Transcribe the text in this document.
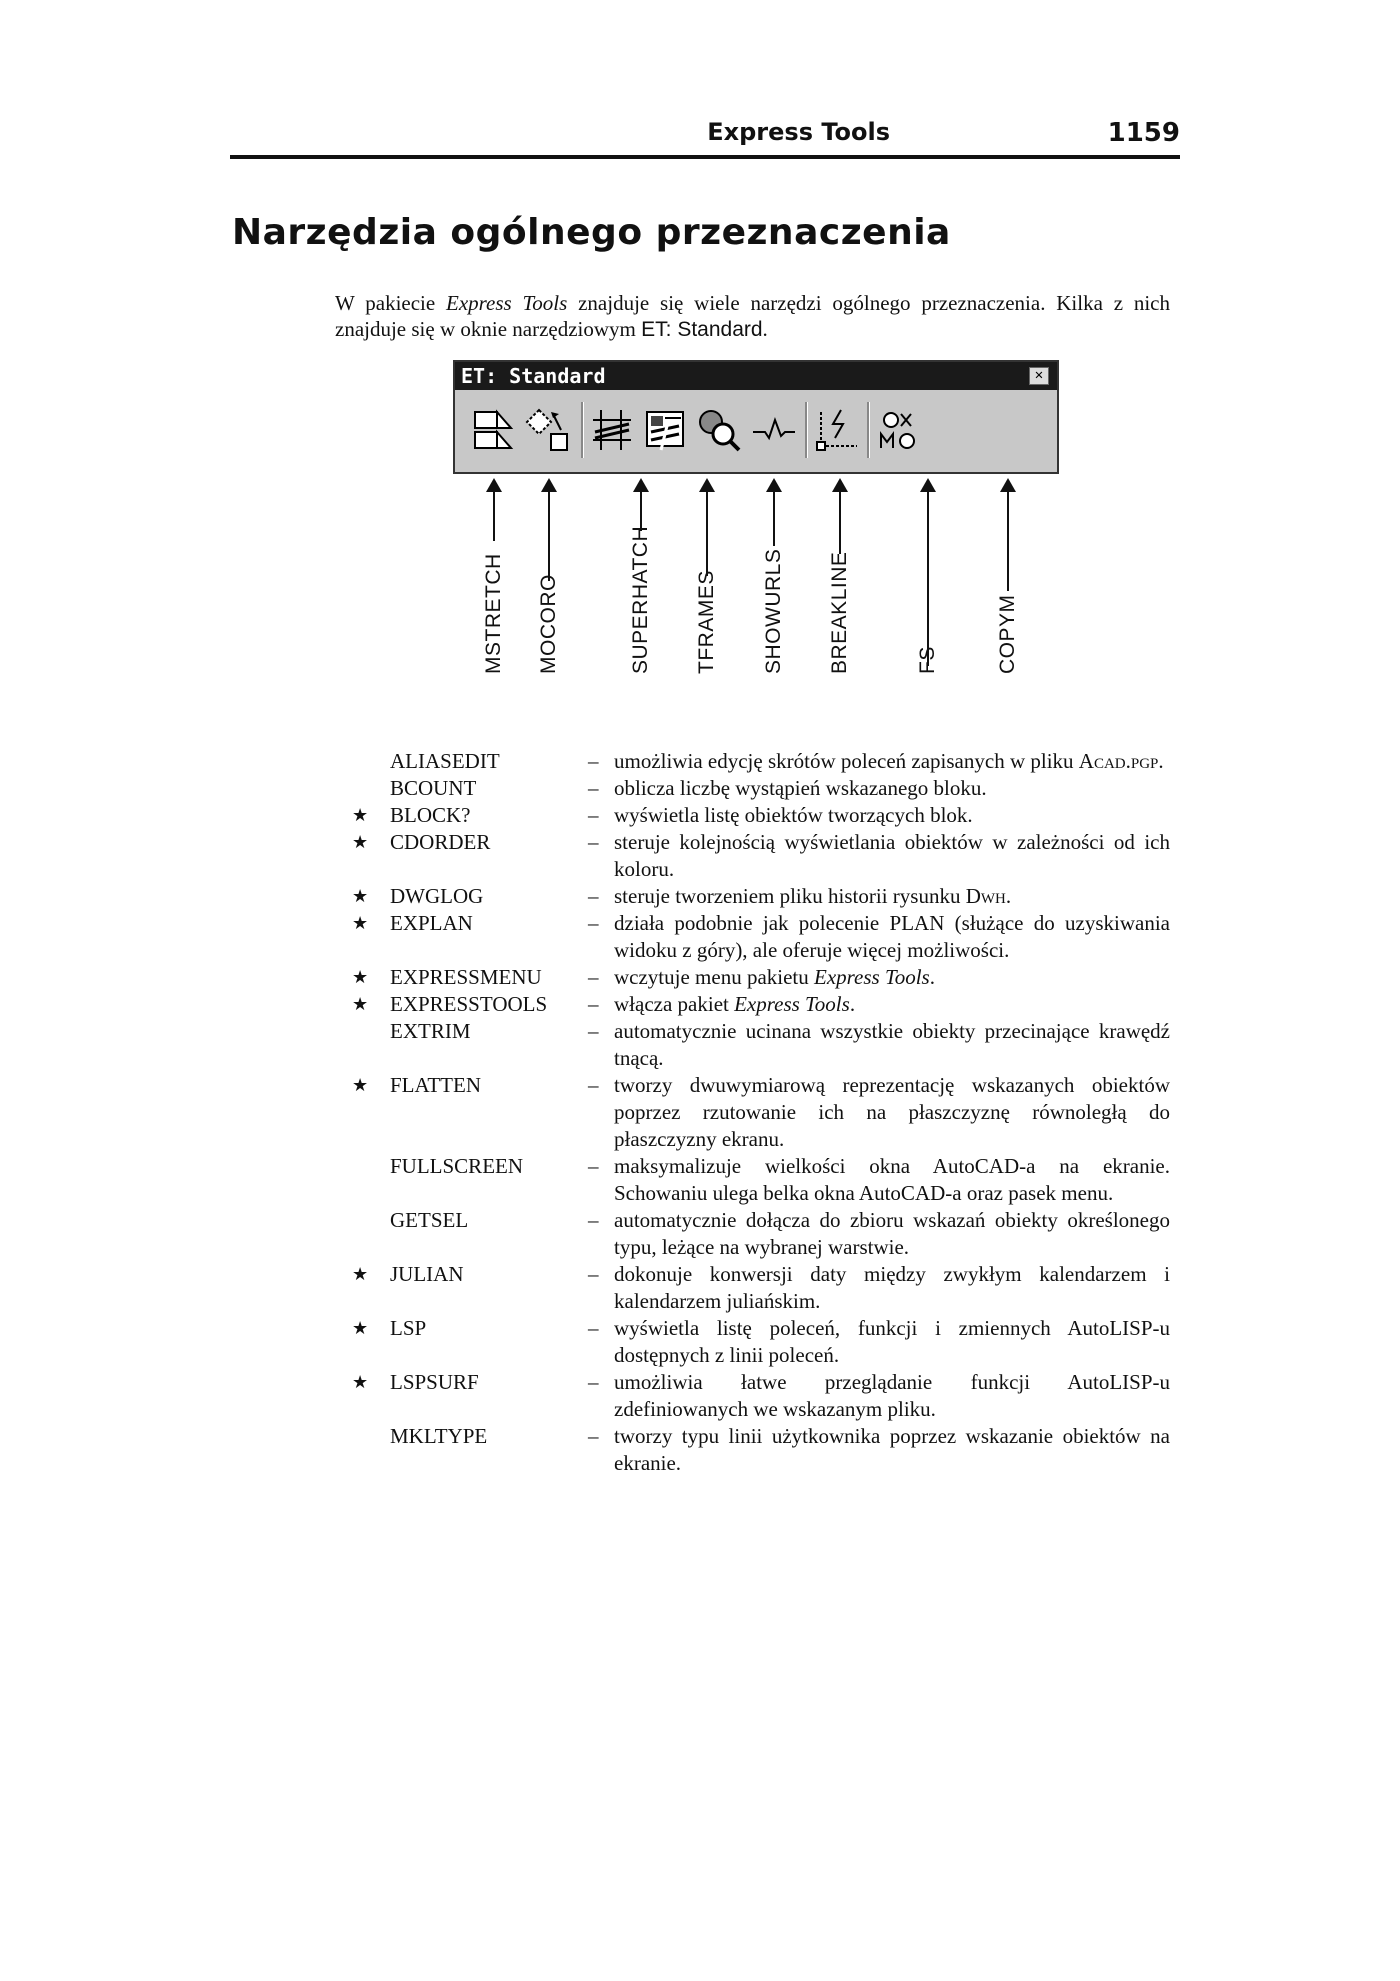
Express Tools	1159
Narzędzia ogólnego przeznaczenia
W pakiecie Express Tools znajduje się wiele narzędzi ogólnego przeznaczenia. Kilka z nich znajduje się w oknie narzędziowym ET: Standard.
ET: Standard	✕
MSTRETCH MOCORO	SUPERHATCH TFRAMES SHOWURLS BREAKLINE	FS	COPYM
ALIASEDIT	– umożliwia edycję skrótów poleceń zapisanych w pliku Acad.pgp.
BCOUNT	– oblicza liczbę wystąpień wskazanego bloku.
★	BLOCK?	– wyświetla listę obiektów tworzących blok.
★	CDORDER	– steruje kolejnością wyświetlania obiektów w zależności od ich koloru.
★	DWGLOG	– steruje tworzeniem pliku historii rysunku Dwh.
★	EXPLAN	– działa podobnie jak polecenie PLAN (służące do uzyskiwania widoku z góry), ale oferuje więcej możliwości.
★	EXPRESSMENU	– wczytuje menu pakietu Express Tools.
★	EXPRESSTOOLS	– włącza pakiet Express Tools.
EXTRIM	– automatycznie ucinana wszystkie obiekty przecinające krawędź tnącą.
★	FLATTEN	– tworzy dwuwymiarową reprezentację wskazanych obiektów poprzez rzutowanie ich na płaszczyznę równoległą do płaszczyzny ekranu.
FULLSCREEN	– maksymalizuje wielkości okna AutoCAD-a na ekranie. Schowaniu ulega belka okna AutoCAD-a oraz pasek menu.
GETSEL	– automatycznie dołącza do zbioru wskazań obiekty określonego typu, leżące na wybranej warstwie.
★	JULIAN	– dokonuje konwersji daty między zwykłym kalendarzem i kalendarzem juliańskim.
★	LSP	– wyświetla listę poleceń, funkcji i zmiennych AutoLISP-u dostępnych z linii poleceń.
★	LSPSURF	– umożliwia łatwe przeglądanie funkcji AutoLISP-u zdefiniowanych we wskazanym pliku.
MKLTYPE	– tworzy typu linii użytkownika poprzez wskazanie obiektów na ekranie.
